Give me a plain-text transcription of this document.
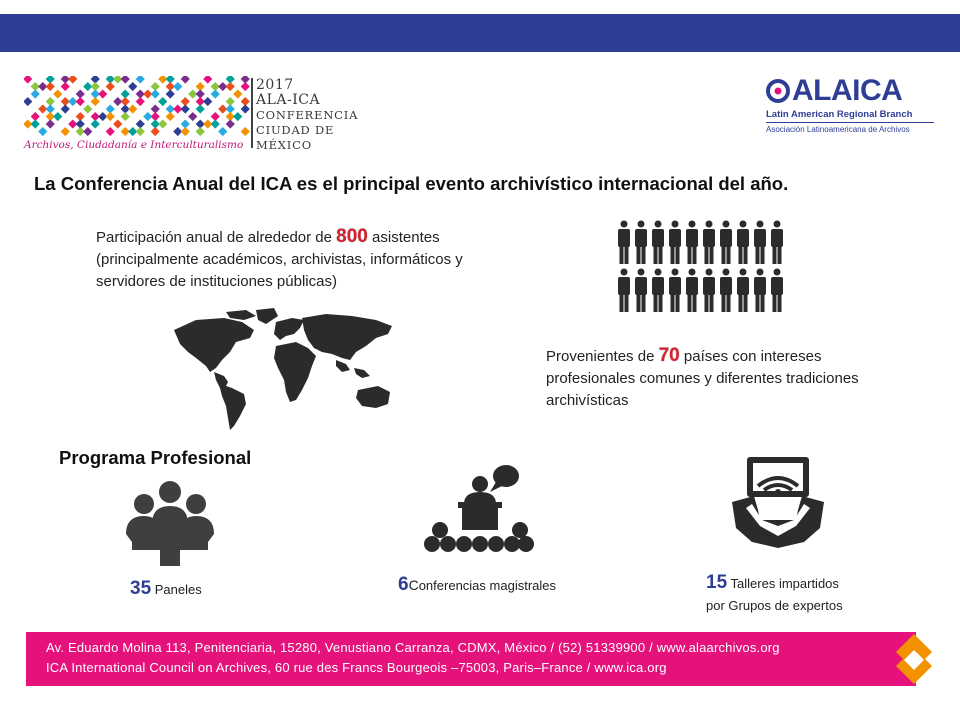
2017
ALA-ICA
CONFERENCIA
CIUDAD DE MÉXICO
Archivos, Ciudadanía e Interculturalismo
ALAICA
Latin American Regional Branch
Asociación Latinoamericana de Archivos
La Conferencia Anual del ICA es el principal evento archivístico internacional del año.
Participación anual de alrededor de 800 asistentes (principalmente académicos, archivistas, informáticos y servidores de instituciones públicas)
Provenientes de 70 países con intereses profesionales comunes y diferentes tradiciones archivísticas
Programa Profesional
35 Paneles	6Conferencias magistrales	15 Talleres impartidos
por Grupos de expertos
Av. Eduardo Molina 113, Penitenciaria, 15280, Venustiano Carranza, CDMX, México / (52) 51339900 / www.alaarchivos.org
ICA International Council on Archives, 60 rue des Francs Bourgeois –75003, Paris–France / www.ica.org
